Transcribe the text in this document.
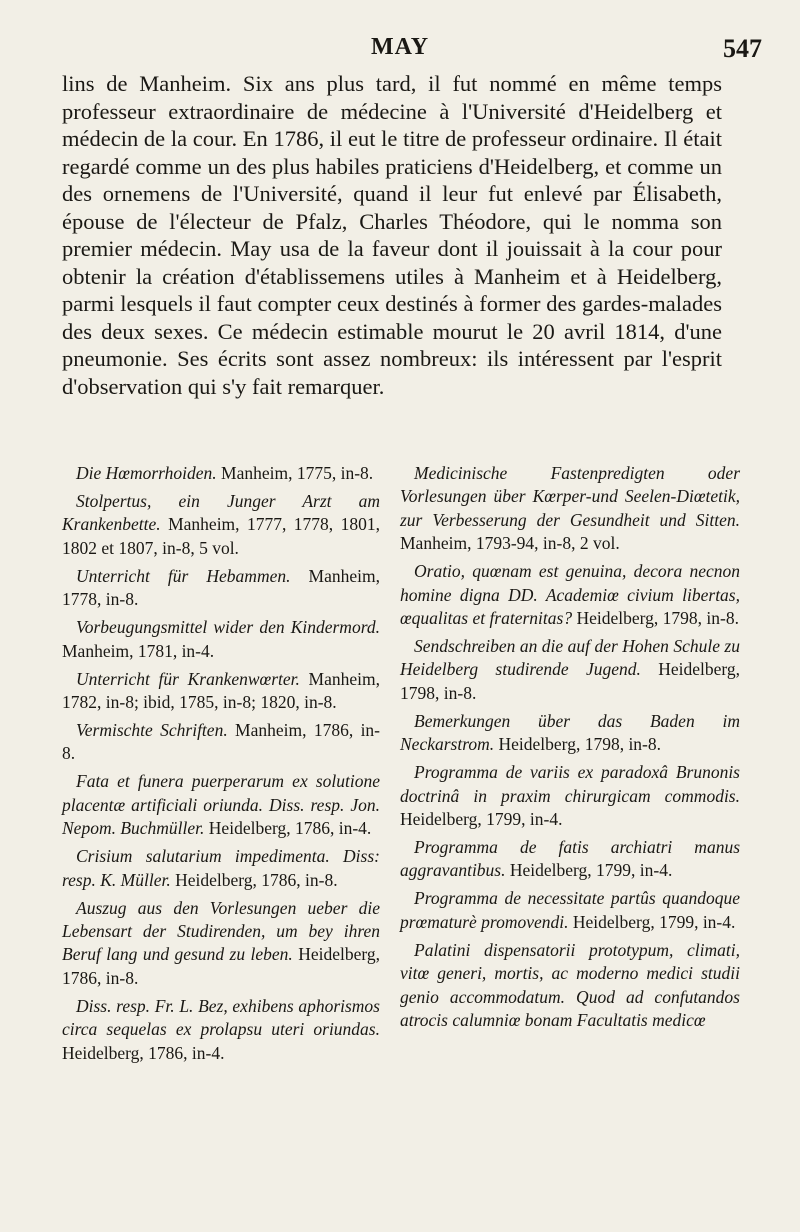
MAY	547

lins de Manheim. Six ans plus tard, il fut nommé en même temps professeur extraordinaire de médecine à l'Université d'Heidelberg et médecin de la cour. En 1786, il eut le titre de professeur ordinaire. Il était regardé comme un des plus habiles praticiens d'Heidelberg, et comme un des ornemens de l'Université, quand il leur fut enlevé par Élisabeth, épouse de l'électeur de Pfalz, Charles Théodore, qui le nomma son premier médecin. May usa de la faveur dont il jouissait à la cour pour obtenir la création d'établissemens utiles à Manheim et à Heidelberg, parmi lesquels il faut compter ceux destinés à former des gardes-malades des deux sexes. Ce médecin estimable mourut le 20 avril 1814, d'une pneumonie. Ses écrits sont assez nombreux: ils intéressent par l'esprit d'observation qui s'y fait remarquer.

Die Hœmorrhoiden. Manheim, 1775, in-8.

Stolpertus, ein Junger Arzt am Krankenbette. Manheim, 1777, 1778, 1801, 1802 et 1807, in-8, 5 vol.

Unterricht für Hebammen. Manheim, 1778, in-8.

Vorbeugungsmittel wider den Kindermord. Manheim, 1781, in-4.

Unterricht für Krankenwœrter. Manheim, 1782, in-8; ibid, 1785, in-8; 1820, in-8.

Vermischte Schriften. Manheim, 1786, in-8.

Fata et funera puerperarum ex solutione placentæ artificiali oriunda. Diss. resp. Jon. Nepom. Buchmüller. Heidelberg, 1786, in-4.

Crisium salutarium impedimenta. Diss: resp. K. Müller. Heidelberg, 1786, in-8.

Auszug aus den Vorlesungen ueber die Lebensart der Studirenden, um bey ihren Beruf lang und gesund zu leben. Heidelberg, 1786, in-8.

Diss. resp. Fr. L. Bez, exhibens aphorismos circa sequelas ex prolapsu uteri oriundas. Heidelberg, 1786, in-4.

Medicinische Fastenpredigten oder Vorlesungen über Kœrper-und Seelen-Diœtetik, zur Verbesserung der Gesundheit und Sitten. Manheim, 1793-94, in-8, 2 vol.

Oratio, quœnam est genuina, decora necnon homine digna DD. Academiœ civium libertas, œqualitas et fraternitas? Heidelberg, 1798, in-8.

Sendschreiben an die auf der Hohen Schule zu Heidelberg studirende Jugend. Heidelberg, 1798, in-8.

Bemerkungen über das Baden im Neckarstrom. Heidelberg, 1798, in-8.

Programma de variis ex paradoxâ Brunonis doctrinâ in praxim chirurgicam commodis. Heidelberg, 1799, in-4.

Programma de fatis archiatri manus aggravantibus. Heidelberg, 1799, in-4.

Programma de necessitate partûs quandoque prœmaturè promovendi. Heidelberg, 1799, in-4.

Palatini dispensatorii prototypum, climati, vitœ generi, mortis, ac moderno medici studii genio accommodatum. Quod ad confutandos atrocis calumniœ bonam Facultatis medicœ
